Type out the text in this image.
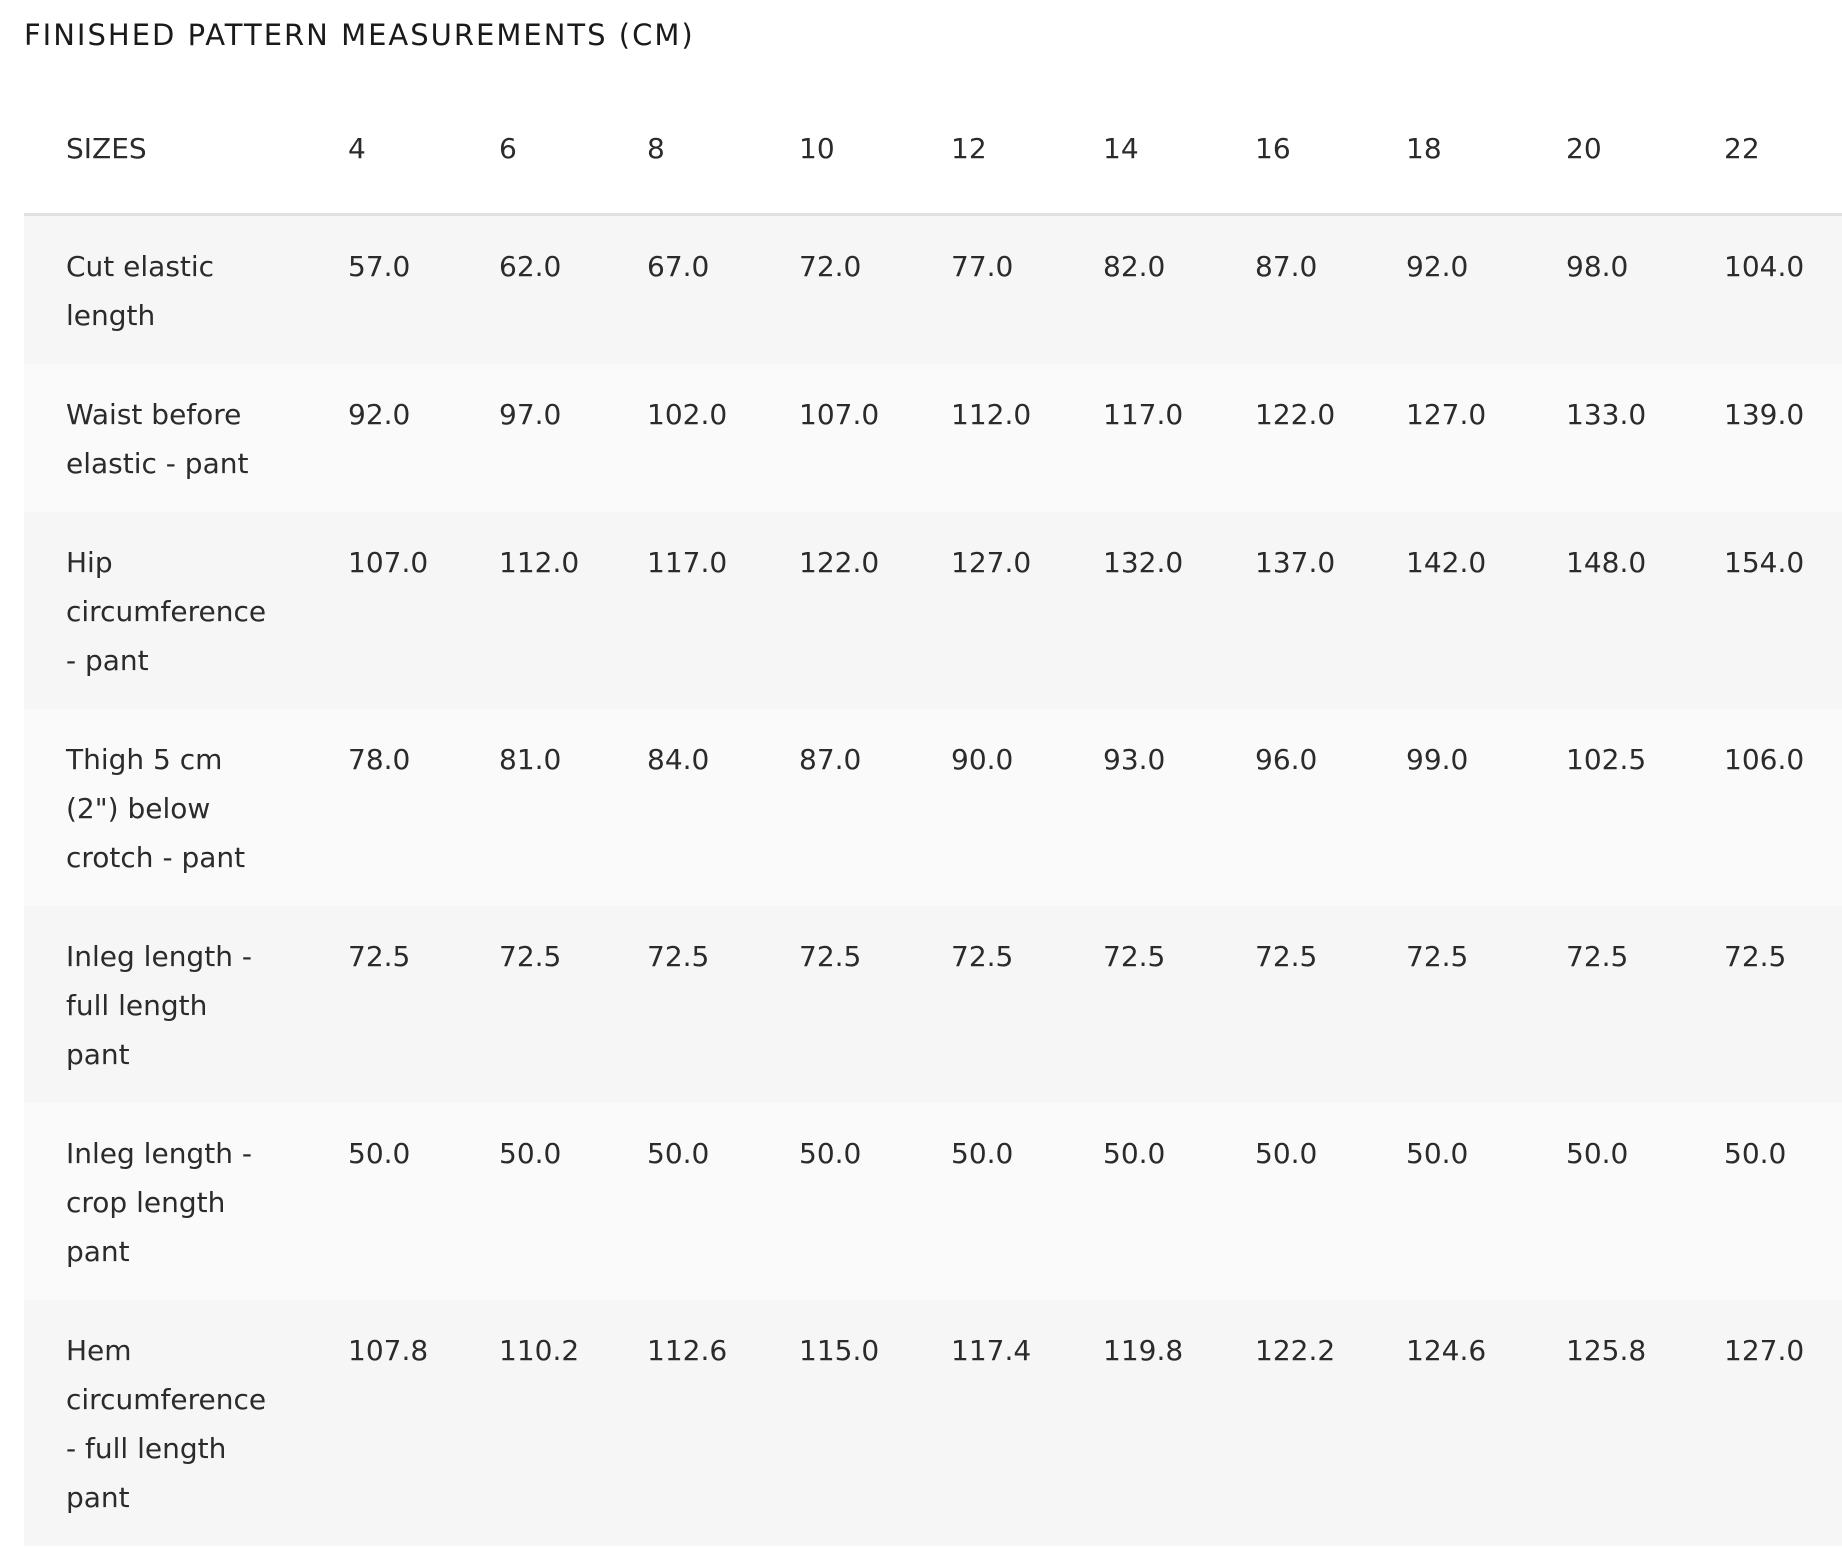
FINISHED PATTERN MEASUREMENTS (CM)
SIZES	4	6	8	10	12	14	16	18	20	22

Cut elastic length	57.0	62.0	67.0	72.0	77.0	82.0	87.0	92.0	98.0	104.0

Waist before elastic - pant	92.0	97.0	102.0	107.0	112.0	117.0	122.0	127.0	133.0	139.0

Hip circumference - pant	107.0	112.0	117.0	122.0	127.0	132.0	137.0	142.0	148.0	154.0

Thigh 5 cm (2") below crotch - pant	78.0	81.0	84.0	87.0	90.0	93.0	96.0	99.0	102.5	106.0

Inleg length - full length pant	72.5	72.5	72.5	72.5	72.5	72.5	72.5	72.5	72.5	72.5

Inleg length - crop length pant	50.0	50.0	50.0	50.0	50.0	50.0	50.0	50.0	50.0	50.0

Hem circumference - full length pant	107.8	110.2	112.6	115.0	117.4	119.8	122.2	124.6	125.8	127.0
